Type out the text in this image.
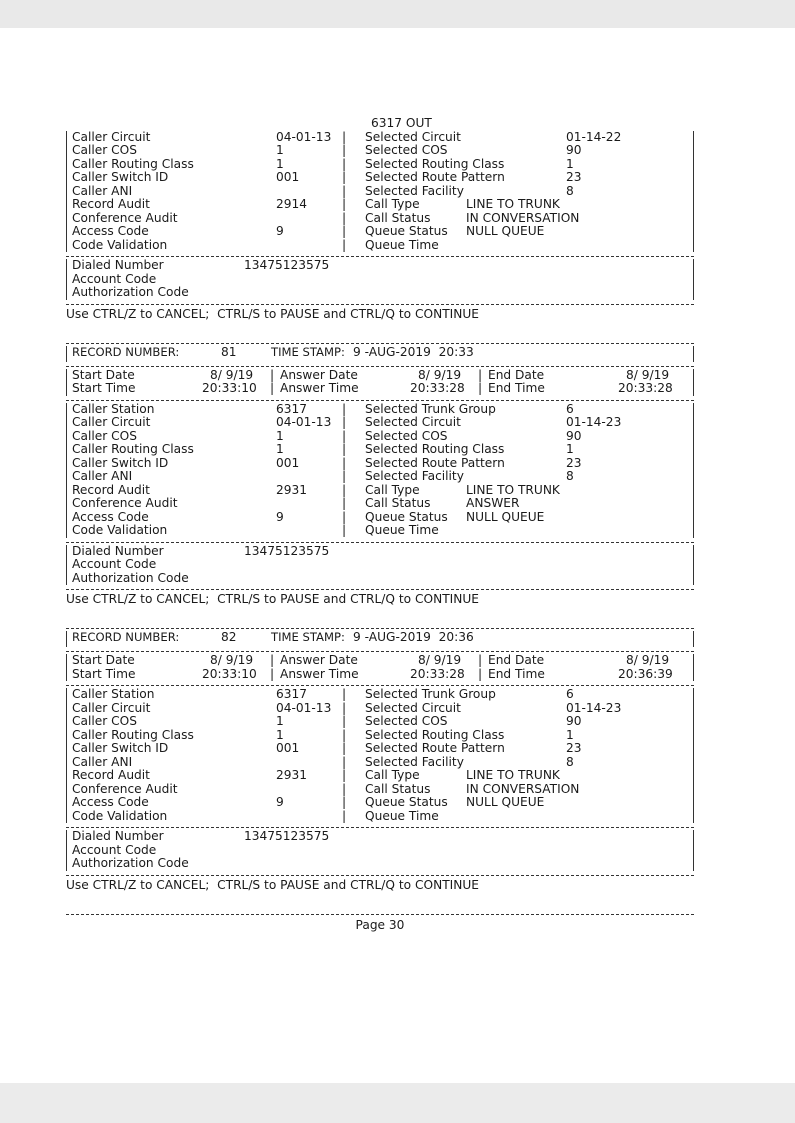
6317 OUT

Caller Circuit	04-01-13 | Selected Circuit	01-14-22
Caller COS	1	| Selected COS	90
Caller Routing Class	1	| Selected Routing Class	1
Caller Switch ID	001	| Selected Route Pattern	23
Caller ANI	| Selected Facility	8
Record Audit	2914	| Call Type	LINE TO TRUNK
Conference Audit	| Call Status	IN CONVERSATION
Access Code	9	| Queue Status NULL QUEUE
Code Validation	| Queue Time
Dialed Number	13475123575
Account Code
Authorization Code
Use CTRL/Z to CANCEL;  CTRL/S to PAUSE and CTRL/Q to CONTINUE
RECORD NUMBER:	81	TIME STAMP: 9 -AUG-2019  20:33
Start Date	8/ 9/19 | Answer Date	8/ 9/19 | End Date	8/ 9/19
Start Time	20:33:10 | Answer Time	20:33:28 | End Time	20:33:28
Caller Station	6317	| Selected Trunk Group	6
Caller Circuit	04-01-13 | Selected Circuit	01-14-23
Caller COS	1	| Selected COS	90
Caller Routing Class	1	| Selected Routing Class	1
Caller Switch ID	001	| Selected Route Pattern	23
Caller ANI	| Selected Facility	8
Record Audit	2931	| Call Type	LINE TO TRUNK
Conference Audit	| Call Status	ANSWER
Access Code	9	| Queue Status NULL QUEUE
Code Validation	| Queue Time
Dialed Number	13475123575
Account Code
Authorization Code
Use CTRL/Z to CANCEL;  CTRL/S to PAUSE and CTRL/Q to CONTINUE
RECORD NUMBER:	82	TIME STAMP: 9 -AUG-2019  20:36
Start Date	8/ 9/19 | Answer Date	8/ 9/19 | End Date	8/ 9/19
Start Time	20:33:10 | Answer Time	20:33:28 | End Time	20:36:39
Caller Station	6317	| Selected Trunk Group	6
Caller Circuit	04-01-13 | Selected Circuit	01-14-23
Caller COS	1	| Selected COS	90
Caller Routing Class	1	| Selected Routing Class	1
Caller Switch ID	001	| Selected Route Pattern	23
Caller ANI	| Selected Facility	8
Record Audit	2931	| Call Type	LINE TO TRUNK
Conference Audit	| Call Status	IN CONVERSATION
Access Code	9	| Queue Status NULL QUEUE
Code Validation	| Queue Time
Dialed Number	13475123575
Account Code
Authorization Code
Use CTRL/Z to CANCEL;  CTRL/S to PAUSE and CTRL/Q to CONTINUE
Page 30
